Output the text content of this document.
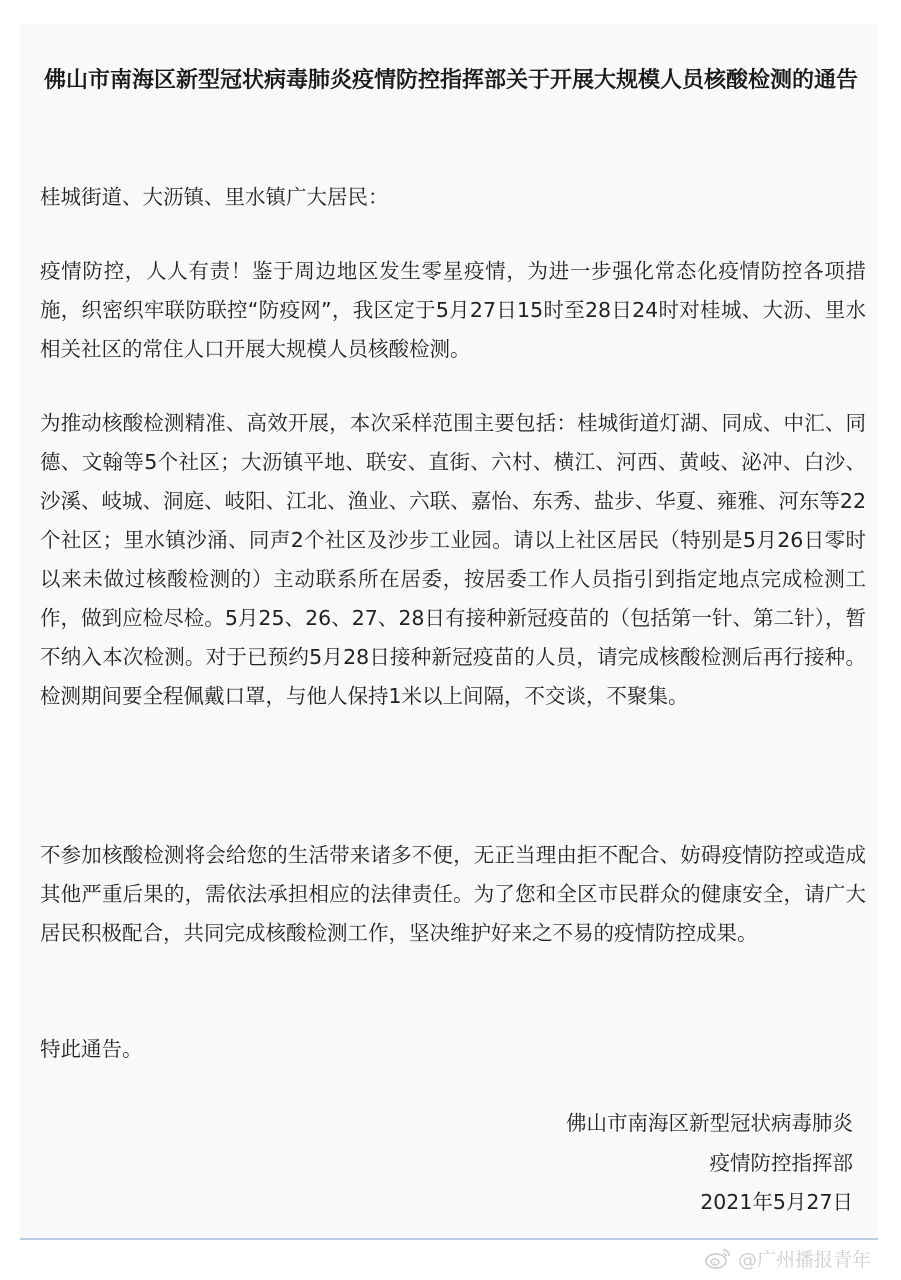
佛山市南海区新型冠状病毒肺炎疫情防控指挥部关于开展大规模人员核酸检测的通告

桂城街道、大沥镇、里水镇广大居民：

疫情防控，人人有责！鉴于周边地区发生零星疫情，为进一步强化常态化疫情防控各项措施，织密织牢联防联控“防疫网”，我区定于5月27日15时至28日24时对桂城、大沥、里水相关社区的常住人口开展大规模人员核酸检测。

为推动核酸检测精准、高效开展，本次采样范围主要包括：桂城街道灯湖、同成、中汇、同德、文翰等5个社区；大沥镇平地、联安、直街、六村、横江、河西、黄岐、泌冲、白沙、沙溪、岐城、洞庭、岐阳、江北、渔业、六联、嘉怡、东秀、盐步、华夏、雍雅、河东等22个社区；里水镇沙涌、同声2个社区及沙步工业园。请以上社区居民（特别是5月26日零时以来未做过核酸检测的）主动联系所在居委，按居委工作人员指引到指定地点完成检测工作，做到应检尽检。5月25、26、27、28日有接种新冠疫苗的（包括第一针、第二针），暂不纳入本次检测。对于已预约5月28日接种新冠疫苗的人员，请完成核酸检测后再行接种。检测期间要全程佩戴口罩，与他人保持1米以上间隔，不交谈，不聚集。

不参加核酸检测将会给您的生活带来诸多不便，无正当理由拒不配合、妨碍疫情防控或造成其他严重后果的，需依法承担相应的法律责任。为了您和全区市民群众的健康安全，请广大居民积极配合，共同完成核酸检测工作，坚决维护好来之不易的疫情防控成果。

特此通告。

佛山市南海区新型冠状病毒肺炎

疫情防控指挥部

2021年5月27日

@广州播报青年
